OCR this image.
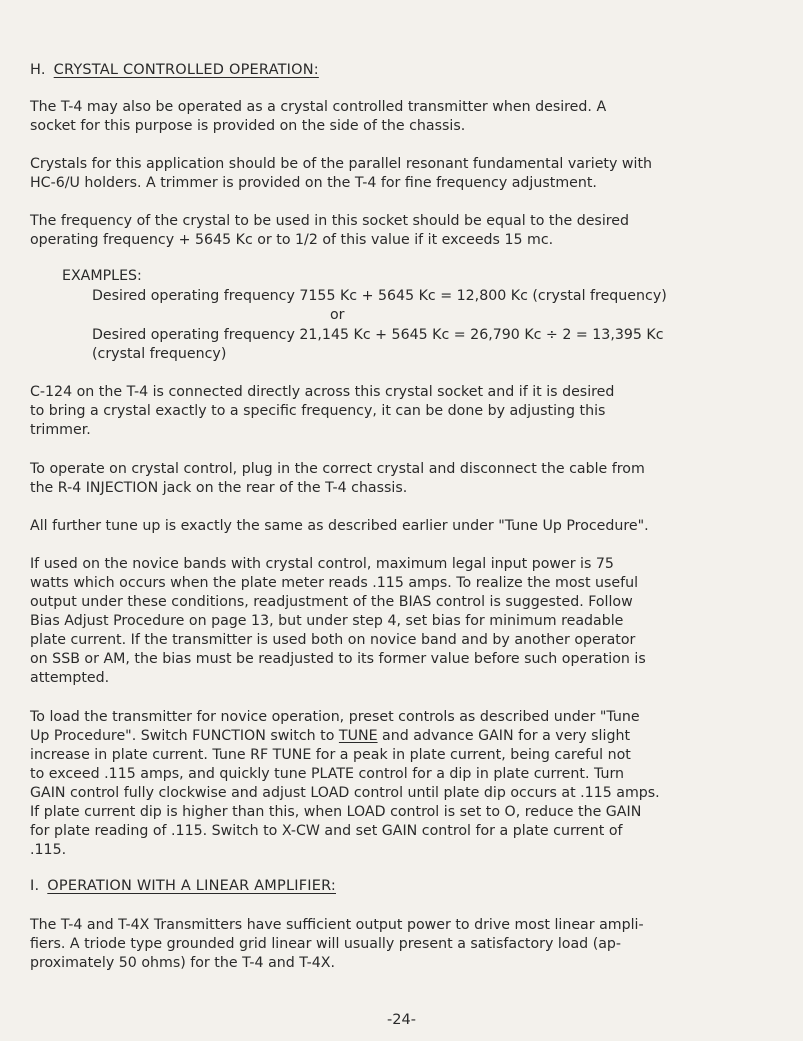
H. CRYSTAL CONTROLLED OPERATION:
The T-4 may also be operated as a crystal controlled transmitter when desired. A
socket for this purpose is provided on the side of the chassis.
Crystals for this application should be of the parallel resonant fundamental variety with
HC-6/U holders. A trimmer is provided on the T-4 for fine frequency adjustment.
The frequency of the crystal to be used in this socket should be equal to the desired
operating frequency + 5645 Kc or to 1/2 of this value if it exceeds 15 mc.
EXAMPLES:
Desired operating frequency 7155 Kc + 5645 Kc = 12,800 Kc (crystal frequency)
or
Desired operating frequency 21,145 Kc + 5645 Kc = 26,790 Kc ÷ 2 = 13,395 Kc
(crystal frequency)
C-124 on the T-4 is connected directly across this crystal socket and if it is desired
to bring a crystal exactly to a specific frequency, it can be done by adjusting this
trimmer.
To operate on crystal control, plug in the correct crystal and disconnect the cable from
the R-4 INJECTION jack on the rear of the T-4 chassis.
All further tune up is exactly the same as described earlier under "Tune Up Procedure".
If used on the novice bands with crystal control, maximum legal input power is 75
watts which occurs when the plate meter reads .115 amps. To realize the most useful
output under these conditions, readjustment of the BIAS control is suggested. Follow
Bias Adjust Procedure on page 13, but under step 4, set bias for minimum readable
plate current. If the transmitter is used both on novice band and by another operator
on SSB or AM, the bias must be readjusted to its former value before such operation is
attempted.
To load the transmitter for novice operation, preset controls as described under "Tune
Up Procedure". Switch FUNCTION switch to TUNE and advance GAIN for a very slight
increase in plate current. Tune RF TUNE for a peak in plate current, being careful not
to exceed .115 amps, and quickly tune PLATE control for a dip in plate current. Turn
GAIN control fully clockwise and adjust LOAD control until plate dip occurs at .115 amps.
If plate current dip is higher than this, when LOAD control is set to O, reduce the GAIN
for plate reading of .115. Switch to X-CW and set GAIN control for a plate current of
.115.
I. OPERATION WITH A LINEAR AMPLIFIER:
The T-4 and T-4X Transmitters have sufficient output power to drive most linear ampli-
fiers. A triode type grounded grid linear will usually present a satisfactory load (ap-
proximately 50 ohms) for the T-4 and T-4X.
-24-
